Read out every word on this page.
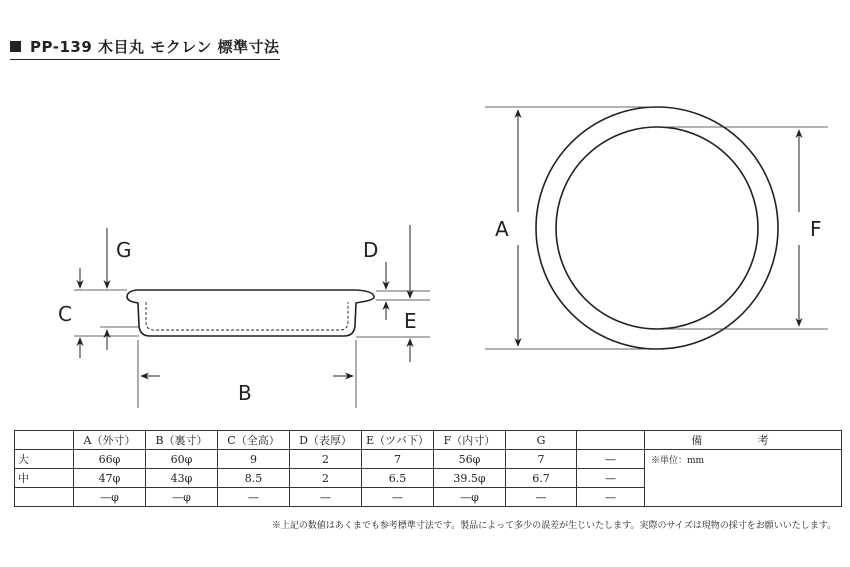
PP-139 木目丸 モクレン 標準寸法
G
C
D
E
B
A	F
	A（外寸）	B（裏寸）	C（全高）	D（表厚）	E（ツバ下）	F（内寸）	G		備 考
大	66φ	60φ	9	2	7	56φ	7	—	※単位：mm
中	47φ	43φ	8.5	2	6.5	39.5φ	6.7	—	
	—φ	—φ	—	—	—	—φ	—	—	
※上記の数値はあくまでも参考標準寸法です。製品によって多少の誤差が生じいたします。実際のサイズは現物の採寸をお願いいたします。
